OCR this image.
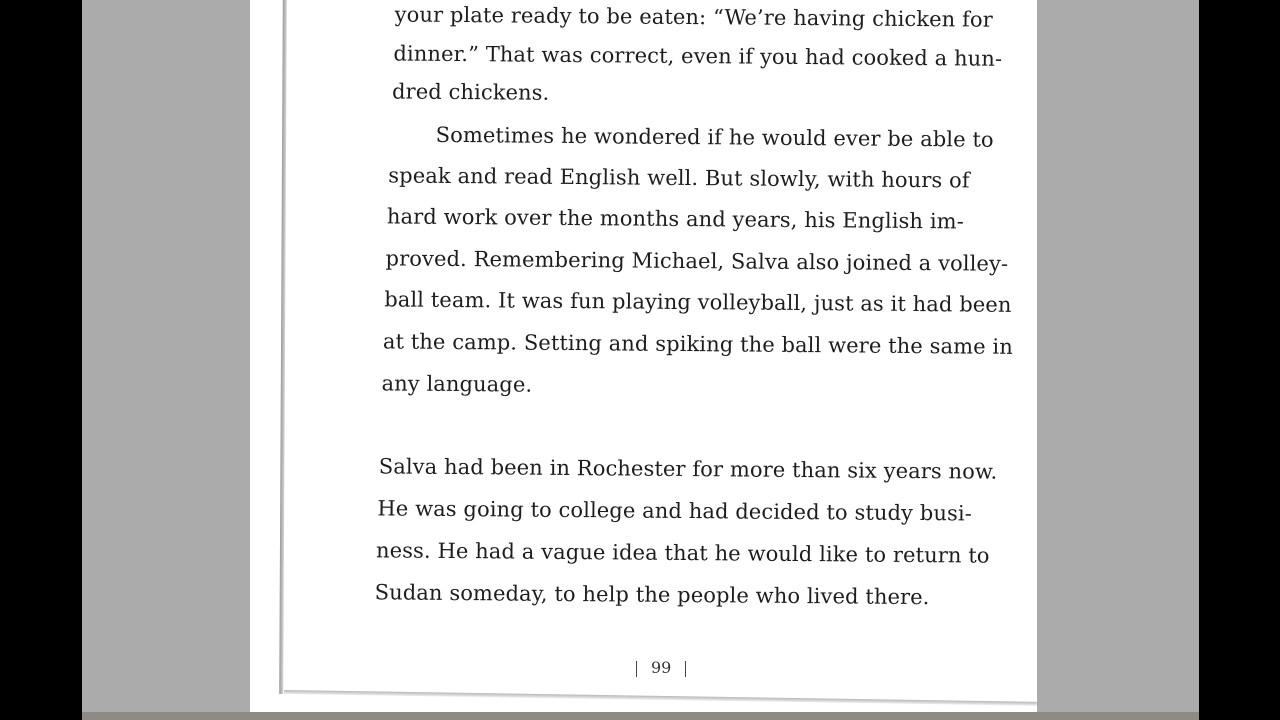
your plate ready to be eaten: “We’re having chicken for
dinner.” That was correct, even if you had cooked a hun-
dred chickens.
Sometimes he wondered if he would ever be able to
speak and read English well. But slowly, with hours of
hard work over the months and years, his English im-
proved. Remembering Michael, Salva also joined a volley-
ball team. It was fun playing volleyball, just as it had been
at the camp. Setting and spiking the ball were the same in
any language.
Salva had been in Rochester for more than six years now.
He was going to college and had decided to study busi-
ness. He had a vague idea that he would like to return to
Sudan someday, to help the people who lived there.
99
